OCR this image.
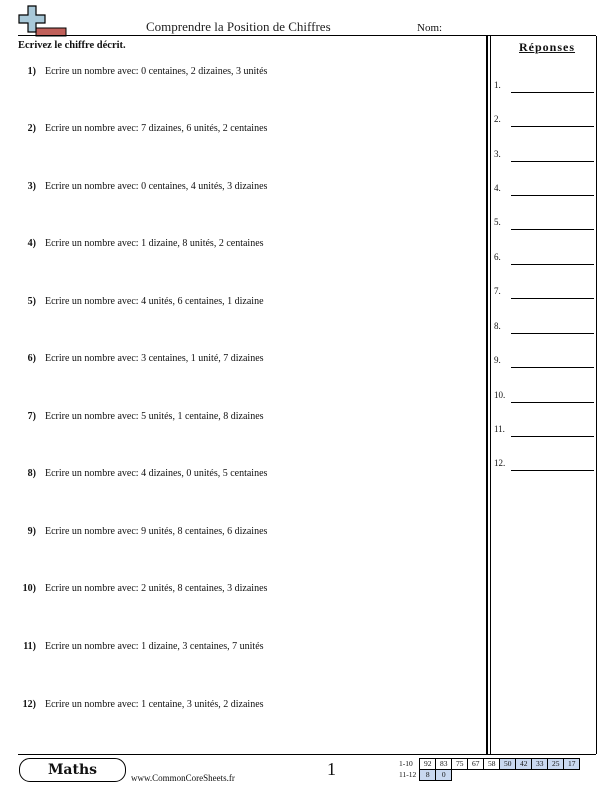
Comprendre la Position de Chiffres	Nom:
Ecrivez le chiffre décrit.
1) Ecrire un nombre avec: 0 centaines, 2 dizaines, 3 unités
2) Ecrire un nombre avec: 7 dizaines, 6 unités, 2 centaines
3) Ecrire un nombre avec: 0 centaines, 4 unités, 3 dizaines
4) Ecrire un nombre avec: 1 dizaine, 8 unités, 2 centaines
5) Ecrire un nombre avec: 4 unités, 6 centaines, 1 dizaine
6) Ecrire un nombre avec: 3 centaines, 1 unité, 7 dizaines
7) Ecrire un nombre avec: 5 unités, 1 centaine, 8 dizaines
8) Ecrire un nombre avec: 4 dizaines, 0 unités, 5 centaines
9) Ecrire un nombre avec: 9 unités, 8 centaines, 6 dizaines
10) Ecrire un nombre avec: 2 unités, 8 centaines, 3 dizaines
11) Ecrire un nombre avec: 1 dizaine, 3 centaines, 7 unités
12) Ecrire un nombre avec: 1 centaine, 3 unités, 2 dizaines
Réponses
1.
2.
3.
4.
5.
6.
7.
8.
9.
10.
11.
12.
Maths	www.CommonCoreSheets.fr	1	1-10	92	83	75	67	58	50	42	33	25	17
11-12	8	0								
